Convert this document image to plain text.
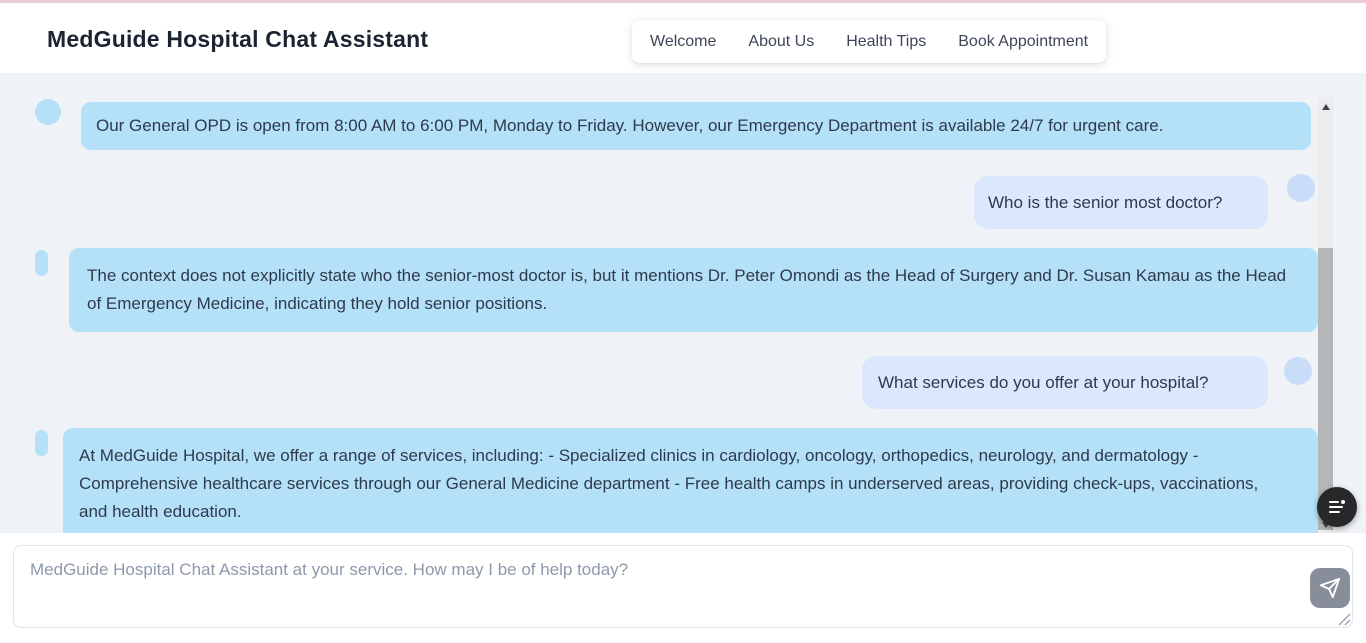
MedGuide Hospital Chat Assistant	Welcome	About Us	Health Tips	Book Appointment
Our General OPD is open from 8:00 AM to 6:00 PM, Monday to Friday. However, our Emergency Department is available 24/7 for urgent care.
Who is the senior most doctor?
The context does not explicitly state who the senior-most doctor is, but it mentions Dr. Peter Omondi as the Head of Surgery and Dr. Susan Kamau as the Head of Emergency Medicine, indicating they hold senior positions.
What services do you offer at your hospital?
At MedGuide Hospital, we offer a range of services, including: - Specialized clinics in cardiology, oncology, orthopedics, neurology, and dermatology - Comprehensive healthcare services through our General Medicine department - Free health camps in underserved areas, providing check-ups, vaccinations, and health education.
MedGuide Hospital Chat Assistant at your service. How may I be of help today?
